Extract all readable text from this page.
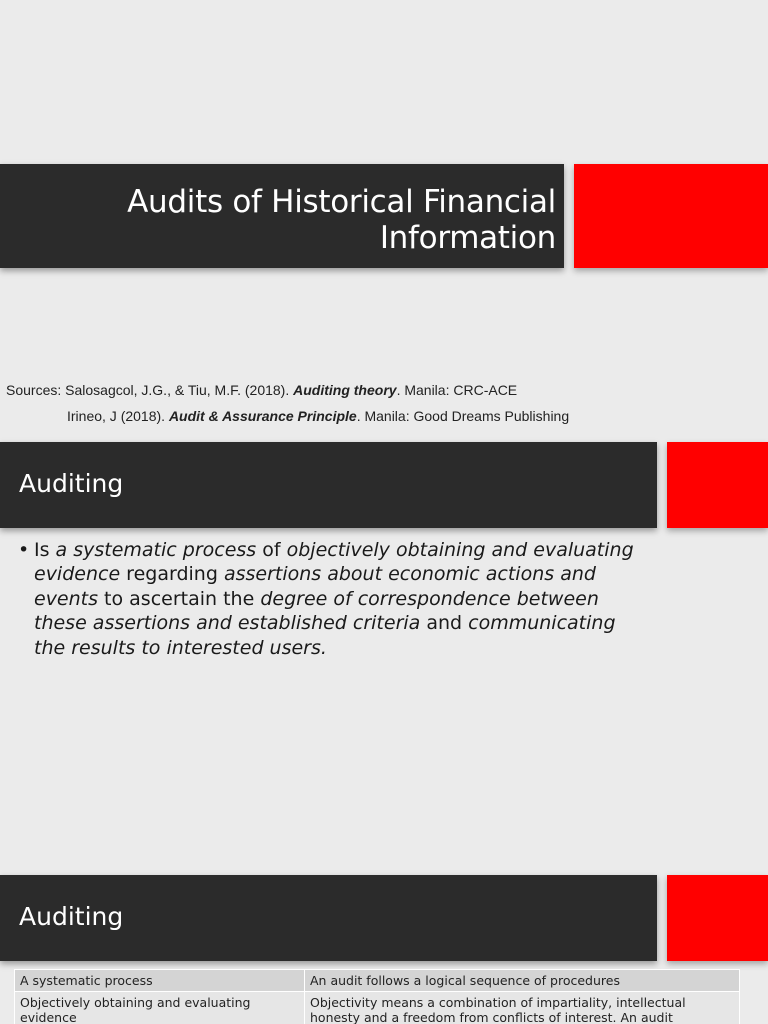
Audits of Historical Financial
Information
Sources: Salosagcol, J.G., & Tiu, M.F. (2018). Auditing theory. Manila: CRC-ACE
Irineo, J (2018). Audit & Assurance Principle. Manila: Good Dreams Publishing
Auditing
• Is a systematic process of objectively obtaining and evaluating evidence regarding assertions about economic actions and events to ascertain the degree of correspondence between these assertions and established criteria and communicating the results to interested users.
Auditing
A systematic process	An audit follows a logical sequence of procedures
Objectively obtaining and evaluating evidence	Objectivity means a combination of impartiality, intellectual honesty and a freedom from conflicts of interest. An audit
